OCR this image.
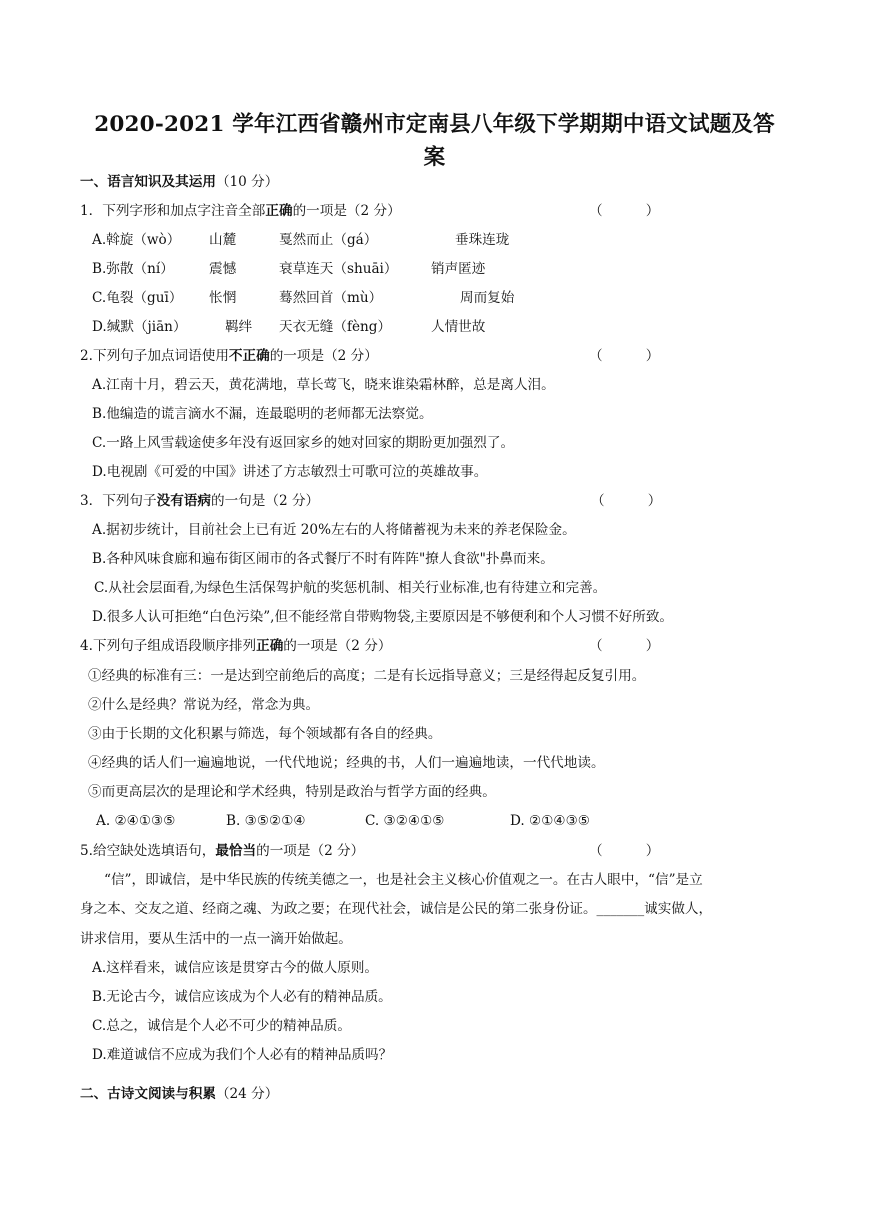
2020-2021 学年江西省赣州市定南县八年级下学期期中语文试题及答
案
一、语言知识及其运用（10 分）
1．下列字形和加点字注音全部正确的一项是（2 分）	（          ）
A.斡旋（wò） 山麓	戛然而止（gá）	垂珠连珑
B.弥散（ní）	震憾	衰草连天（shuāi） 销声匿迹
C.龟裂（guī） 怅惘	蓦然回首（mù）	周而复始
D.缄默（jiān）	羁绊 天衣无缝（fèng）	人情世故
2.下列句子加点词语使用不正确的一项是（2 分）	（          ）
A.江南十月，碧云天，黄花满地，草长莺飞，晓来谁染霜林醉，总是离人泪。
B.他编造的谎言滴水不漏，连最聪明的老师都无法察觉。
C.一路上风雪载途使多年没有返回家乡的她对回家的期盼更加强烈了。
D.电视剧《可爱的中国》讲述了方志敏烈士可歌可泣的英雄故事。
3．下列句子没有语病的一句是（2 分）	（          ）
A.据初步统计，目前社会上已有近 20%左右的人将储蓄视为未来的养老保险金。
B.各种风味食廊和遍布街区闹市的各式餐厅不时有阵阵"撩人食欲"扑鼻而来。
C.从社会层面看,为绿色生活保驾护航的奖惩机制、相关行业标准,也有待建立和完善。
D.很多人认可拒绝“白色污染”,但不能经常自带购物袋,主要原因是不够便利和个人习惯不好所致。
4.下列句子组成语段顺序排列正确的一项是（2 分）	（          ）
①经典的标准有三：一是达到空前绝后的高度；二是有长远指导意义；三是经得起反复引用。
②什么是经典？常说为经，常念为典。
③由于长期的文化积累与筛选，每个领域都有各自的经典。
④经典的话人们一遍遍地说，一代代地说；经典的书，人们一遍遍地读，一代代地读。
⑤而更高层次的是理论和学术经典，特别是政治与哲学方面的经典。
A. ②④①③⑤	B. ③⑤②①④	C. ③②④①⑤	D. ②①④③⑤
5.给空缺处选填语句，最恰当的一项是（2 分）	（          ）
“信”，即诚信，是中华民族的传统美德之一，也是社会主义核心价值观之一。在古人眼中，“信”是立
身之本、交友之道、经商之魂、为政之要；在现代社会，诚信是公民的第二张身份证。_______诚实做人，
讲求信用，要从生活中的一点一滴开始做起。
A.这样看来，诚信应该是贯穿古今的做人原则。
B.无论古今，诚信应该成为个人必有的精神品质。
C.总之，诚信是个人必不可少的精神品质。
D.难道诚信不应成为我们个人必有的精神品质吗？
二、古诗文阅读与积累（24 分）
